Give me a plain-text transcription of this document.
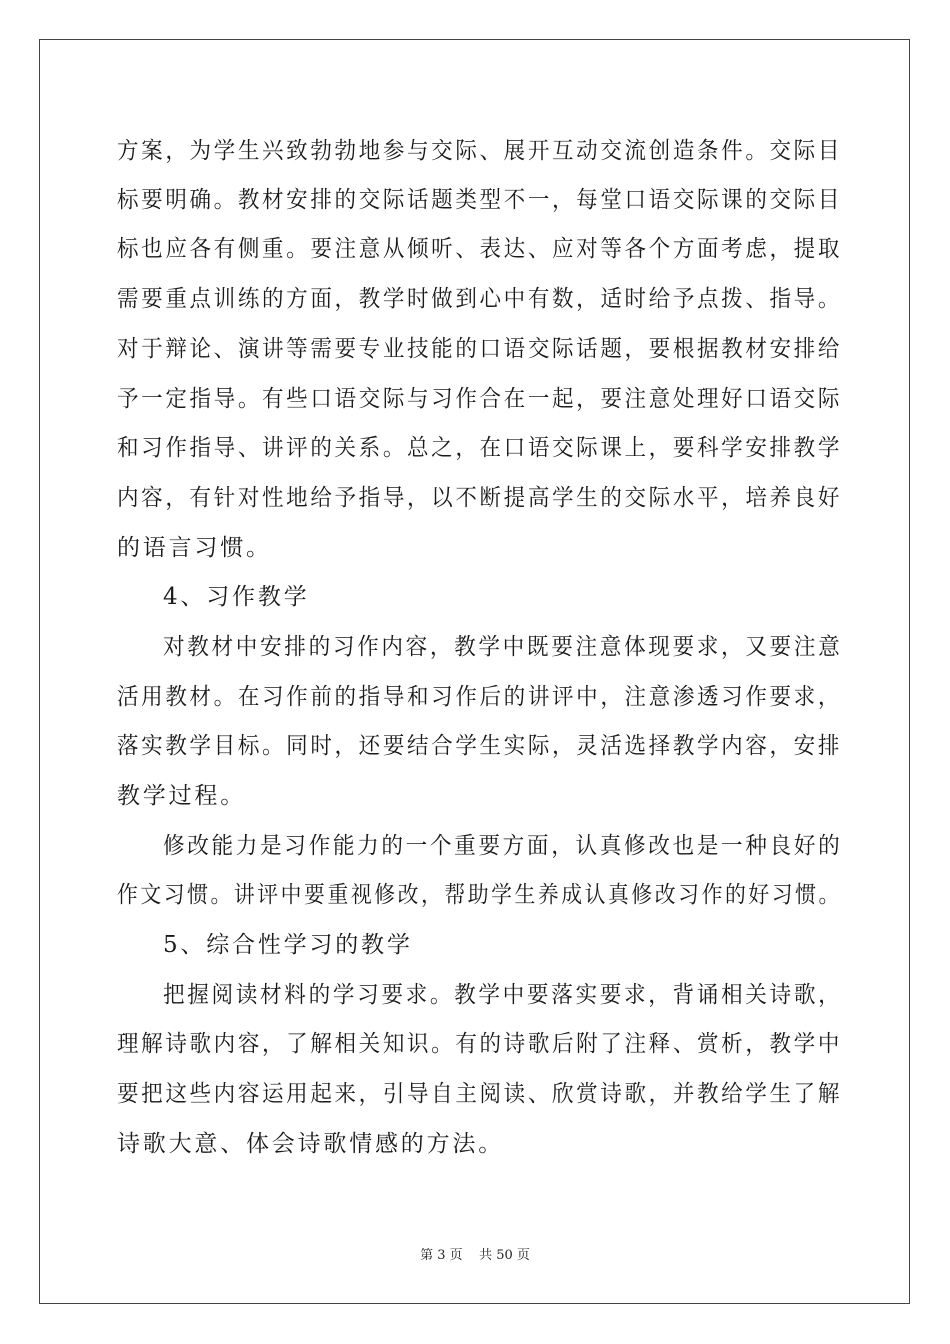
方案，为学生兴致勃勃地参与交际、展开互动交流创造条件。交际目
标要明确。教材安排的交际话题类型不一，每堂口语交际课的交际目
标也应各有侧重。要注意从倾听、表达、应对等各个方面考虑，提取
需要重点训练的方面，教学时做到心中有数，适时给予点拨、指导。
对于辩论、演讲等需要专业技能的口语交际话题，要根据教材安排给
予一定指导。有些口语交际与习作合在一起，要注意处理好口语交际
和习作指导、讲评的关系。总之，在口语交际课上，要科学安排教学
内容，有针对性地给予指导，以不断提高学生的交际水平，培养良好
的语言习惯。
4、习作教学
对教材中安排的习作内容，教学中既要注意体现要求，又要注意
活用教材。在习作前的指导和习作后的讲评中，注意渗透习作要求，
落实教学目标。同时，还要结合学生实际，灵活选择教学内容，安排
教学过程。
修改能力是习作能力的一个重要方面，认真修改也是一种良好的
作文习惯。讲评中要重视修改，帮助学生养成认真修改习作的好习惯。
5、综合性学习的教学
把握阅读材料的学习要求。教学中要落实要求，背诵相关诗歌，
理解诗歌内容，了解相关知识。有的诗歌后附了注释、赏析，教学中
要把这些内容运用起来，引导自主阅读、欣赏诗歌，并教给学生了解
诗歌大意、体会诗歌情感的方法。
第 3 页    共 50 页
